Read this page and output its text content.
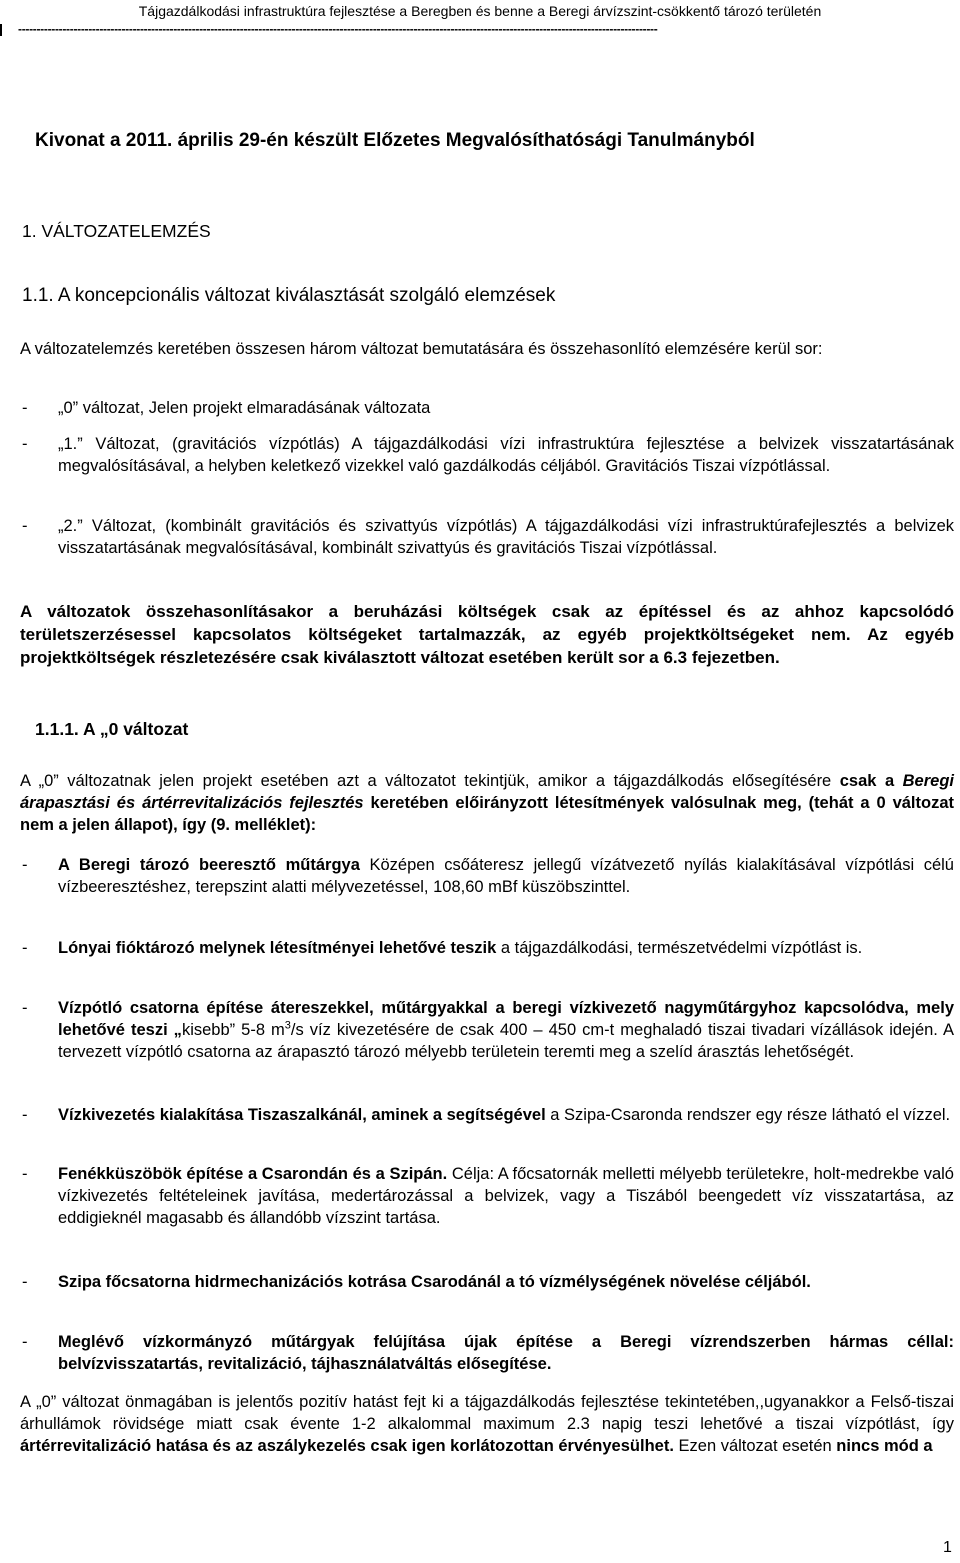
Tájgazdálkodási infrastruktúra fejlesztése a Beregben és benne a Beregi árvízszint-csökkentő tározó területén
-----------------------------------------------------------------------------------------------------------------------------------------------------------------------------
Kivonat a 2011. április 29-én készült Előzetes Megvalósíthatósági Tanulmányból
1. VÁLTOZATELEMZÉS
1.1. A koncepcionális változat kiválasztását szolgáló elemzések
A változatelemzés keretében összesen három változat bemutatására és összehasonlító elemzésére kerül sor:
- „0” változat, Jelen projekt elmaradásának változata
- „1.” Változat, (gravitációs vízpótlás) A tájgazdálkodási vízi infrastruktúra fejlesztése a belvizek visszatartásának megvalósításával, a helyben keletkező vizekkel való gazdálkodás céljából. Gravitációs Tiszai vízpótlással.
- „2.” Változat, (kombinált gravitációs és szivattyús vízpótlás) A tájgazdálkodási vízi infrastruktúrafejlesztés a belvizek visszatartásának megvalósításával, kombinált szivattyús és gravitációs Tiszai vízpótlással.
A változatok összehasonlításakor a beruházási költségek csak az építéssel és az ahhoz kapcsolódó területszerzésessel kapcsolatos költségeket tartalmazzák, az egyéb projektköltségeket nem. Az egyéb projektköltségek részletezésére csak kiválasztott változat esetében került sor a 6.3 fejezetben.
1.1.1. A „0 változat
A „0” változatnak jelen projekt esetében azt a változatot tekintjük, amikor a tájgazdálkodás elősegítésére csak a Beregi árapasztási és ártérrevitalizációs fejlesztés keretében előirányzott létesítmények valósulnak meg, (tehát a 0 változat nem a jelen állapot), így (9. melléklet):
- A Beregi tározó beeresztő műtárgya Középen csőáteresz jellegű vízátvezető nyílás kialakításával vízpótlási célú vízbeeresztéshez, terepszint alatti mélyvezetéssel, 108,60 mBf küszöbszinttel.
- Lónyai fióktározó melynek létesítményei lehetővé teszik a tájgazdálkodási, természetvédelmi vízpótlást is.
- Vízpótló csatorna építése átereszekkel, műtárgyakkal a beregi vízkivezető nagyműtárgyhoz kapcsolódva, mely lehetővé teszi „kisebb” 5-8 $m^3/s$ víz kivezetésére de csak 400 – 450 cm-t meghaladó tiszai tivadari vízállások idején. A tervezett vízpótló csatorna az árapasztó tározó mélyebb területein teremti meg a szelíd árasztás lehetőségét.
- Vízkivezetés kialakítása Tiszaszalkánál, aminek a segítségével a Szipa-Csaronda rendszer egy része látható el vízzel.
- Fenékküszöbök építése a Csarondán és a Szipán. Célja: A főcsatornák melletti mélyebb területekre, holt-medrekbe való vízkivezetés feltételeinek javítása, medertározással a belvizek, vagy a Tiszából beengedett víz visszatartása, az eddigieknél magasabb és állandóbb vízszint tartása.
- Szipa főcsatorna hidrmechanizációs kotrása Csarodánál a tó vízmélységének növelése céljából.
- Meglévő vízkormányzó műtárgyak felújítása újak építése a Beregi vízrendszerben hármas céllal: belvízvisszatartás, revitalizáció, tájhasználatváltás elősegítése.
A „0” változat önmagában is jelentős pozitív hatást fejt ki a tájgazdálkodás fejlesztése tekintetében,,ugyanakkor a Felső-tiszai árhullámok rövidsége miatt csak évente 1-2 alkalommal maximum 2.3 napig teszi lehetővé a tiszai vízpótlást, így ártérrevitalizáció hatása és az aszálykezelés csak igen korlátozottan érvényesülhet. Ezen változat esetén nincs mód a
1
